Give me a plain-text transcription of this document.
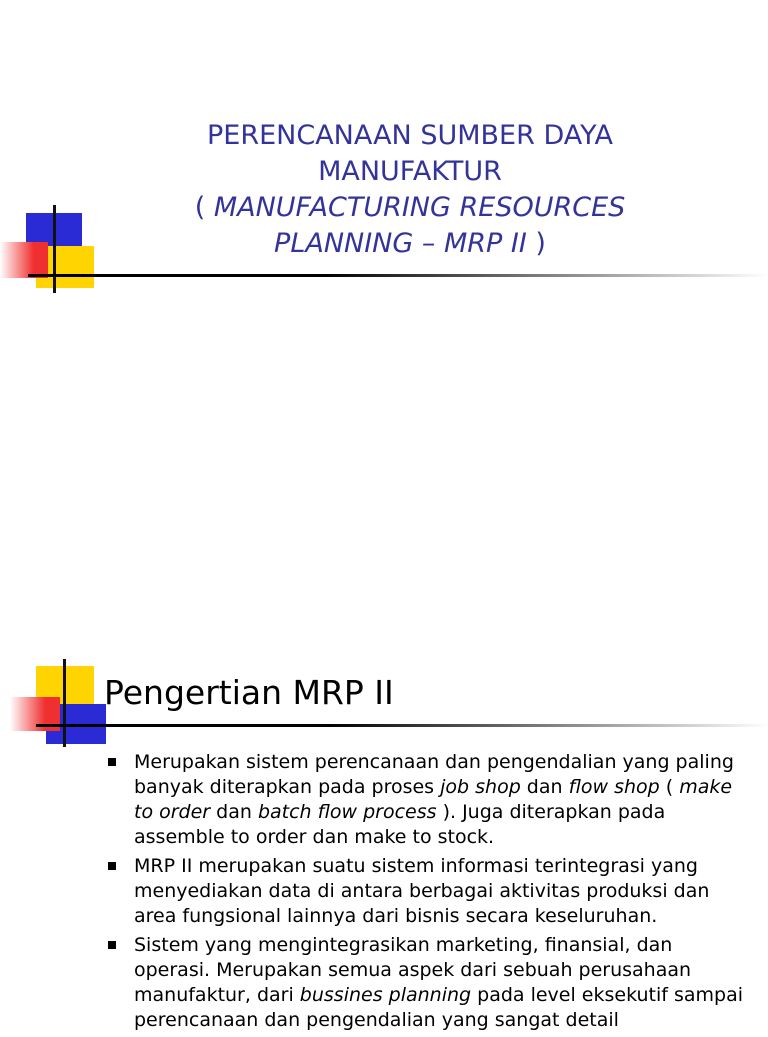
PERENCANAAN SUMBER DAYA
MANUFAKTUR
( MANUFACTURING RESOURCES
PLANNING – MRP II )
Pengertian MRP II
Merupakan sistem perencanaan dan pengendalian yang paling banyak diterapkan pada proses job shop dan flow shop ( make to order dan batch flow process ). Juga diterapkan pada assemble to order dan make to stock.
MRP II merupakan suatu sistem informasi terintegrasi yang menyediakan data di antara berbagai aktivitas produksi dan area fungsional lainnya dari bisnis secara keseluruhan.
Sistem yang mengintegrasikan marketing, finansial, dan operasi. Merupakan semua aspek dari sebuah perusahaan manufaktur, dari bussines planning pada level eksekutif sampai perencanaan dan pengendalian yang sangat detail
